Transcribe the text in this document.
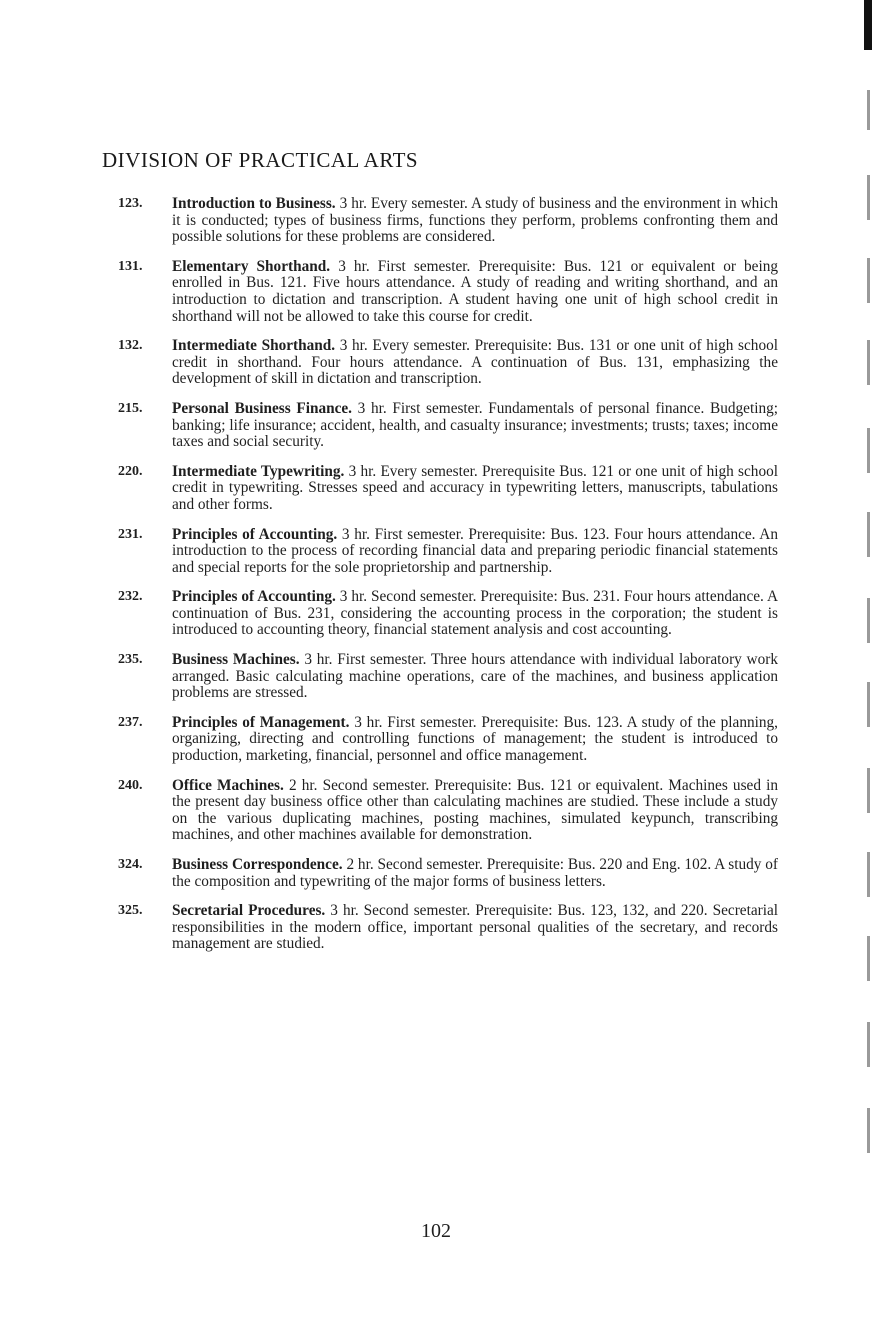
DIVISION OF PRACTICAL ARTS
123.	Introduction to Business. 3 hr. Every semester. A study of business and the environment in which it is conducted; types of business firms, functions they perform, problems confronting them and possible solutions for these problems are considered.
131.	Elementary Shorthand. 3 hr. First semester. Prerequisite: Bus. 121 or equivalent or being enrolled in Bus. 121. Five hours attendance. A study of reading and writing shorthand, and an introduction to dictation and transcription. A student having one unit of high school credit in shorthand will not be allowed to take this course for credit.
132.	Intermediate Shorthand. 3 hr. Every semester. Prerequisite: Bus. 131 or one unit of high school credit in shorthand. Four hours attendance. A continuation of Bus. 131, emphasizing the development of skill in dictation and transcription.
215.	Personal Business Finance. 3 hr. First semester. Fundamentals of personal finance. Budgeting; banking; life insurance; accident, health, and casualty insurance; investments; trusts; taxes; income taxes and social security.
220.	Intermediate Typewriting. 3 hr. Every semester. Prerequisite Bus. 121 or one unit of high school credit in typewriting. Stresses speed and accuracy in typewriting letters, manuscripts, tabulations and other forms.
231.	Principles of Accounting. 3 hr. First semester. Prerequisite: Bus. 123. Four hours attendance. An introduction to the process of recording financial data and preparing periodic financial statements and special reports for the sole proprietorship and partnership.
232.	Principles of Accounting. 3 hr. Second semester. Prerequisite: Bus. 231. Four hours attendance. A continuation of Bus. 231, considering the accounting process in the corporation; the student is introduced to accounting theory, financial statement analysis and cost accounting.
235.	Business Machines. 3 hr. First semester. Three hours attendance with individual laboratory work arranged. Basic calculating machine operations, care of the machines, and business application problems are stressed.
237.	Principles of Management. 3 hr. First semester. Prerequisite: Bus. 123. A study of the planning, organizing, directing and controlling functions of management; the student is introduced to production, marketing, financial, personnel and office management.
240.	Office Machines. 2 hr. Second semester. Prerequisite: Bus. 121 or equivalent. Machines used in the present day business office other than calculating machines are studied. These include a study on the various duplicating machines, posting machines, simulated keypunch, transcribing machines, and other machines available for demonstration.
324.	Business Correspondence. 2 hr. Second semester. Prerequisite: Bus. 220 and Eng. 102. A study of the composition and typewriting of the major forms of business letters.
325.	Secretarial Procedures. 3 hr. Second semester. Prerequisite: Bus. 123, 132, and 220. Secretarial responsibilities in the modern office, important personal qualities of the secretary, and records management are studied.
102
